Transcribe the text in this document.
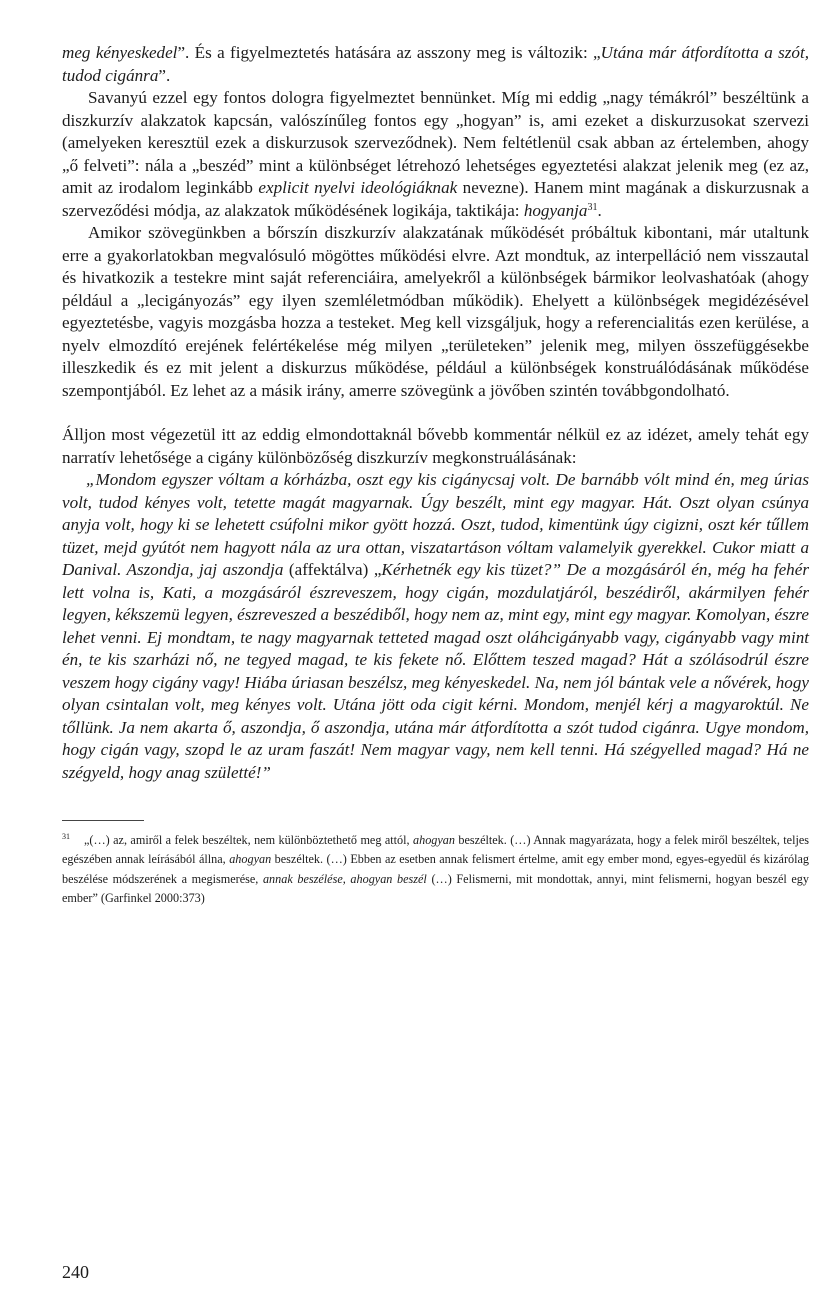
meg kényeskedel”. És a figyelmeztetés hatására az asszony meg is változik: „Utána már átfordította a szót, tudod cigánra”.

Savanyú ezzel egy fontos dologra figyelmeztet bennünket. Míg mi eddig „nagy témákról” beszéltünk a diszkurzív alakzatok kapcsán, valószínűleg fontos egy „hogyan” is, ami ezeket a diskurzusokat szervezi (amelyeken keresztül ezek a diskurzusok szerveződnek). Nem feltétlenül csak abban az értelemben, ahogy „ő felveti”: nála a „beszéd” mint a különbséget létrehozó lehetséges egyeztetési alakzat jelenik meg (ez az, amit az irodalom leginkább explicit nyelvi ideológiáknak nevezne). Hanem mint magának a diskurzusnak a szerveződési módja, az alakzatok működésének logikája, taktikája: hogyanja$^{31}$.

Amikor szövegünkben a bőrszín diszkurzív alakzatának működését próbáltuk kibontani, már utaltunk erre a gyakorlatokban megvalósuló mögöttes működési elvre. Azt mondtuk, az interpelláció nem visszautal és hivatkozik a testekre mint saját referenciáira, amelyekről a különbségek bármikor leolvashatóak (ahogy például a „lecigányozás” egy ilyen szemléletmódban működik). Ehelyett a különbségek megidézésével egyeztetésbe, vagyis mozgásba hozza a testeket. Meg kell vizsgáljuk, hogy a referencialitás ezen kerülése, a nyelv elmozdító erejének felértékelése még milyen „területeken” jelenik meg, milyen összefüggésekbe illeszkedik és ez mit jelent a diskurzus működése, például a különbségek konstruálódásának működése szempontjából. Ez lehet az a másik irány, amerre szövegünk a jövőben szintén továbbgondolható.

Álljon most végezetül itt az eddig elmondottaknál bővebb kommentár nélkül ez az idézet, amely tehát egy narratív lehetősége a cigány különbözőség diszkurzív megkonstruálásának:

„Mondom egyszer vóltam a kórházba, oszt egy kis cigánycsaj volt. De barnább vólt mind én, meg úrias volt, tudod kényes volt, tetette magát magyarnak. Úgy beszélt, mint egy magyar. Hát. Oszt olyan csúnya anyja volt, hogy ki se lehetett csúfolni mikor gyött hozzá. Oszt, tudod, kimentünk úgy cigizni, oszt kér tűllem tüzet, mejd gyútót nem hagyott nála az ura ottan, viszatartáson vóltam valamelyik gyerekkel. Cukor miatt a Danival. Aszondja, jaj aszondja (affektálva) „Kérhetnék egy kis tüzet?” De a mozgásáról én, még ha fehér lett volna is, Kati, a mozgásáról észreveszem, hogy cigán, mozdulatjáról, beszédiről, akármilyen fehér legyen, kékszemü legyen, észreveszed a beszédiből, hogy nem az, mint egy, mint egy magyar. Komolyan, észre lehet venni. Ej mondtam, te nagy magyarnak tetteted magad oszt oláhcigányabb vagy, cigányabb vagy mint én, te kis szarházi nő, ne tegyed magad, te kis fekete nő. Előttem teszed magad? Hát a szólásodrúl észre veszem hogy cigány vagy! Hiába úriasan beszélsz, meg kényeskedel. Na, nem jól bántak vele a nővérek, hogy olyan csintalan volt, meg kényes volt. Utána jött oda cigit kérni. Mondom, menjél kérj a magyaroktúl. Ne tőllünk. Ja nem akarta ő, aszondja, ő aszondja, utána már átfordította a szót tudod cigánra. Ugye mondom, hogy cigán vagy, szopd le az uram faszát! Nem magyar vagy, nem kell tenni. Há szégyelled magad? Há ne szégyeld, hogy anag születté!”

$^{31}$ „(…) az, amiről a felek beszéltek, nem különböztethető meg attól, ahogyan beszéltek. (…) Annak magyarázata, hogy a felek miről beszéltek, teljes egészében annak leírásából állna, ahogyan beszéltek. (…) Ebben az esetben annak felismert értelme, amit egy ember mond, egyes-egyedül és kizárólag beszélése módszerének a megismerése, annak beszélése, ahogyan beszél (…) Felismerni, mit mondottak, annyi, mint felismerni, hogyan beszél egy ember” (Garfinkel 2000:373)

240
